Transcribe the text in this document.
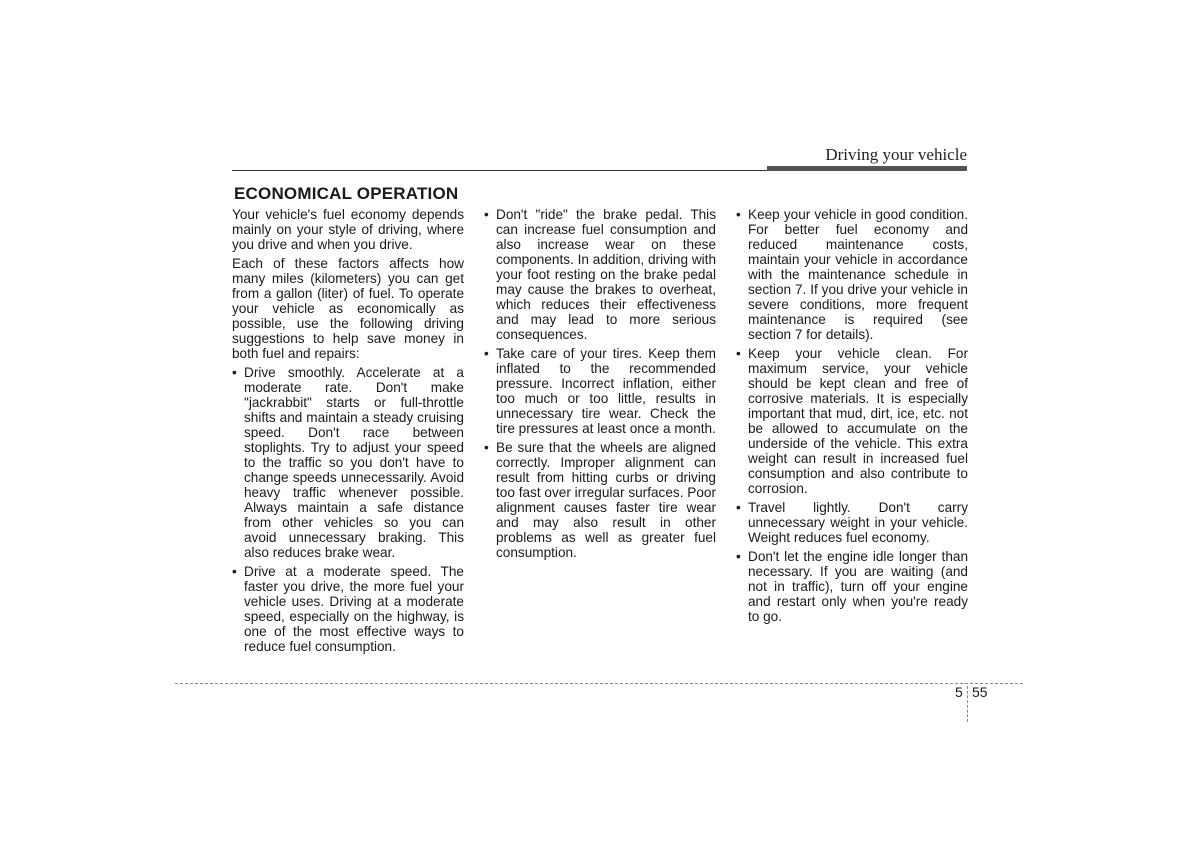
Driving your vehicle
ECONOMICAL OPERATION

Your vehicle's fuel economy depends mainly on your style of driving, where you drive and when you drive.

Each of these factors affects how many miles (kilometers) you can get from a gallon (liter) of fuel. To operate your vehicle as economically as possible, use the following driving suggestions to help save money in both fuel and repairs:

• Drive smoothly. Accelerate at a moderate rate. Don't make "jackrabbit" starts or full-throttle shifts and maintain a steady cruising speed. Don't race between stoplights. Try to adjust your speed to the traffic so you don't have to change speeds unnecessarily. Avoid heavy traffic whenever possible. Always maintain a safe distance from other vehicles so you can avoid unnecessary braking. This also reduces brake wear.
• Drive at a moderate speed. The faster you drive, the more fuel your vehicle uses. Driving at a moderate speed, especially on the highway, is one of the most effective ways to reduce fuel consumption.
• Don't "ride" the brake pedal. This can increase fuel consumption and also increase wear on these components. In addition, driving with your foot resting on the brake pedal may cause the brakes to overheat, which reduces their effectiveness and may lead to more serious consequences.
• Take care of your tires. Keep them inflated to the recommended pressure. Incorrect inflation, either too much or too little, results in unnecessary tire wear. Check the tire pressures at least once a month.
• Be sure that the wheels are aligned correctly. Improper alignment can result from hitting curbs or driving too fast over irregular surfaces. Poor alignment causes faster tire wear and may also result in other problems as well as greater fuel consumption.
• Keep your vehicle in good condition. For better fuel economy and reduced maintenance costs, maintain your vehicle in accordance with the maintenance schedule in section 7. If you drive your vehicle in severe conditions, more frequent maintenance is required (see section 7 for details).
• Keep your vehicle clean. For maximum service, your vehicle should be kept clean and free of corrosive materials. It is especially important that mud, dirt, ice, etc. not be allowed to accumulate on the underside of the vehicle. This extra weight can result in increased fuel consumption and also contribute to corrosion.
• Travel lightly. Don't carry unnecessary weight in your vehicle. Weight reduces fuel economy.
• Don't let the engine idle longer than necessary. If you are waiting (and not in traffic), turn off your engine and restart only when you're ready to go.
5 55
